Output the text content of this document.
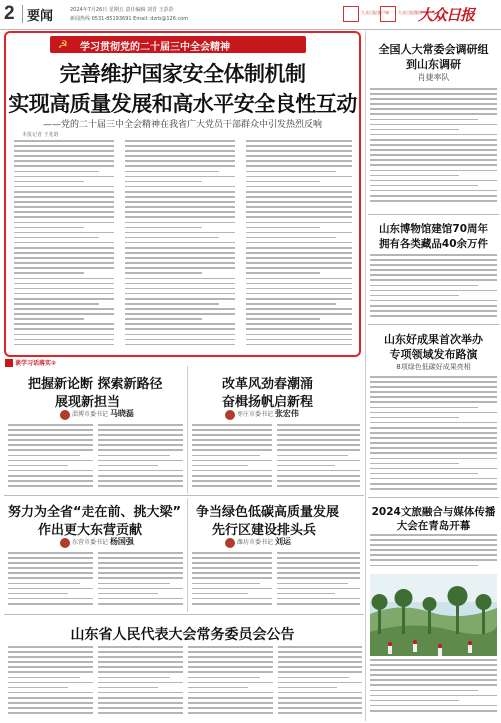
2 要闻	2024年7月26日 星期五 责任编辑 刘晋 王彭彭
新闻热线 0531-85193691 Email: dzrb@126.com
大众日报客户端 大众日报微信
大众日报
☭ 学习贯彻党的二十届三中全会精神
完善维护国家安全体制机制
实现高质量发展和高水平安全良性互动
——党的二十届三中全会精神在我省广大党员干部群众中引发热烈反响
本报记者 王兆晗
全国人大常委会调研组
到山东调研
肖捷率队
山东博物馆建馆70周年
拥有各类藏品40余万件
山东好成果首次举办
专项领域发布路演
8项绿色低碳好成果亮相
2024文旅融合与媒体传播
大会在青岛开幕
谈学习话落实②
把握新论断 探索新路径
展现新担当
淄博市委书记 马晓磊
改革风劲春潮涌
奋楫扬帆启新程
枣庄市委书记 张宏伟
努力为全省“走在前、挑大梁”
作出更大东营贡献
东营市委书记 杨国强
争当绿色低碳高质量发展
先行区建设排头兵
潍坊市委书记 刘运
山东省人民代表大会常务委员会公告
